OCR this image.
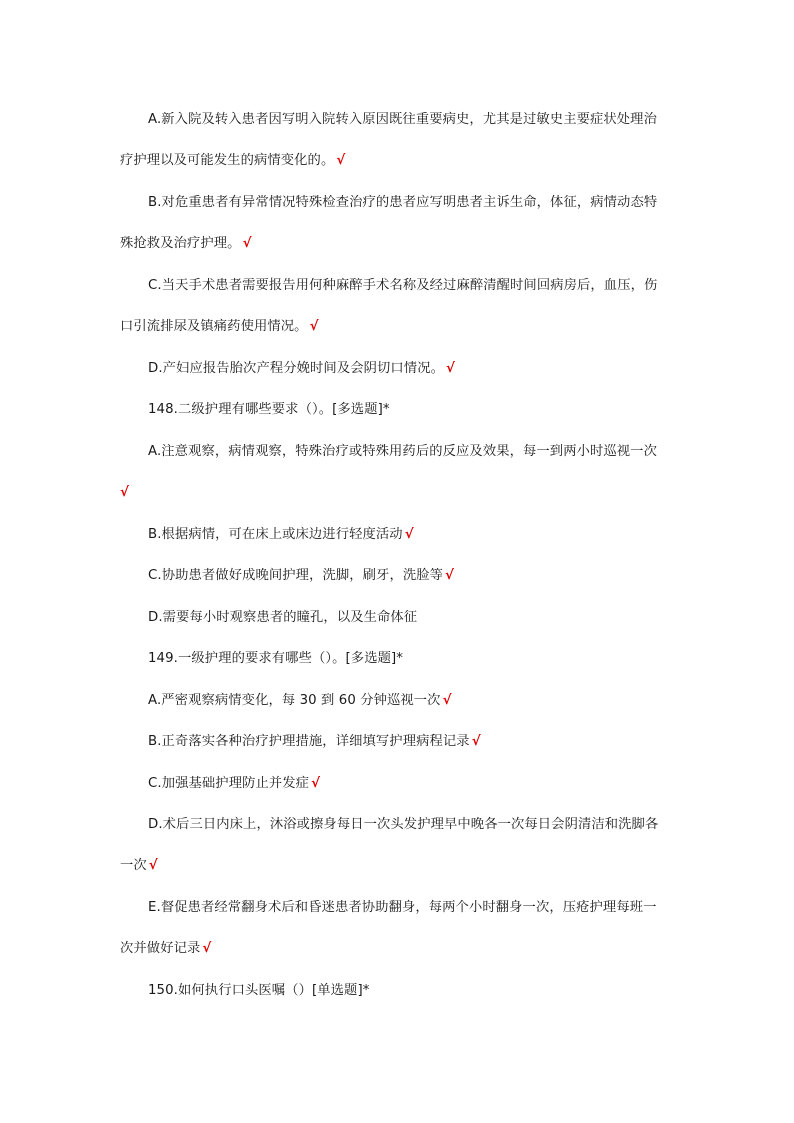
A.新入院及转入患者因写明入院转入原因既往重要病史，尤其是过敏史主要症状处理治
疗护理以及可能发生的病情变化的。 √
B.对危重患者有异常情况特殊检查治疗的患者应写明患者主诉生命，体征，病情动态特
殊抢救及治疗护理。 √
C.当天手术患者需要报告用何种麻醉手术名称及经过麻醉清醒时间回病房后，血压，伤
口引流排尿及镇痛药使用情况。 √
D.产妇应报告胎次产程分娩时间及会阴切口情况。 √
148.二级护理有哪些要求（）。[多选题]*
A.注意观察，病情观察，特殊治疗或特殊用药后的反应及效果，每一到两小时巡视一次
√
B.根据病情，可在床上或床边进行轻度活动 √
C.协助患者做好成晚间护理，洗脚，刷牙，洗脸等 √
D.需要每小时观察患者的瞳孔，以及生命体征
149.一级护理的要求有哪些（）。[多选题]*
A.严密观察病情变化，每 30 到 60 分钟巡视一次 √
B.正奇落实各种治疗护理措施，详细填写护理病程记录 √
C.加强基础护理防止并发症 √
D.术后三日内床上，沐浴或擦身每日一次头发护理早中晚各一次每日会阴清洁和洗脚各
一次 √
E.督促患者经常翻身术后和昏迷患者协助翻身，每两个小时翻身一次，压疮护理每班一
次并做好记录 √
150.如何执行口头医嘱（）[单选题]*
